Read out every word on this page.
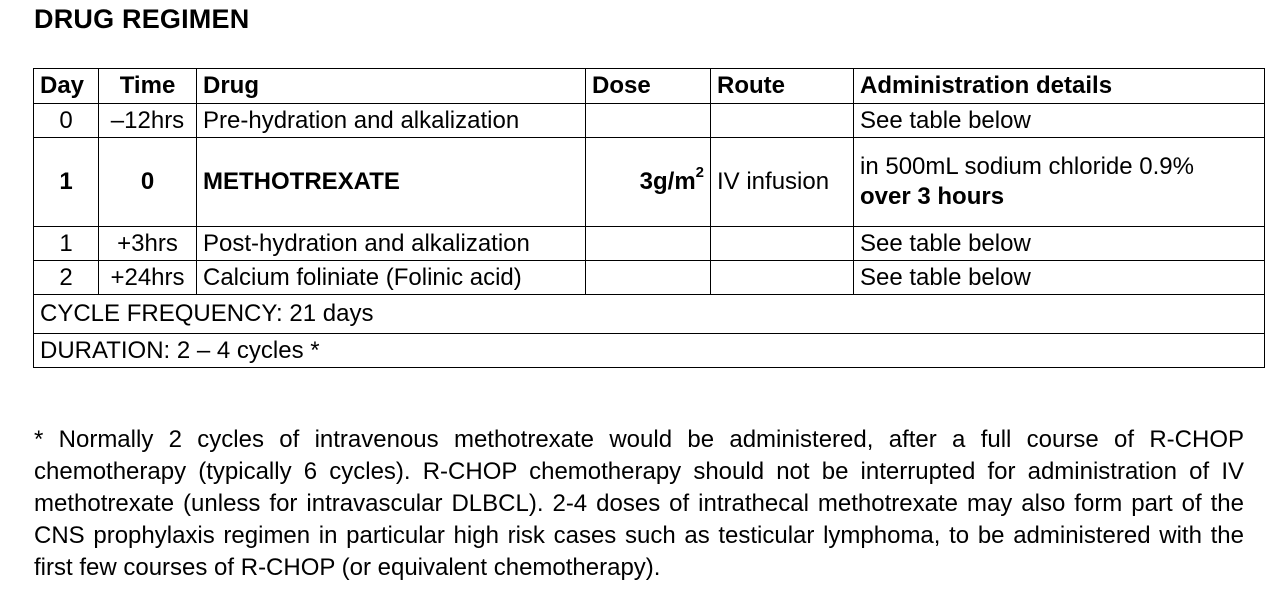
DRUG REGIMEN
Day	Time	Drug	Dose	Route	Administration details
0	–12hrs	Pre-hydration and alkalization			See table below
1	0	METHOTREXATE	$3g/m^2$	IV infusion	in 500mL sodium chloride 0.9%
over 3 hours

1	+3hrs	Post-hydration and alkalization			See table below
2	+24hrs	Calcium foliniate (Folinic acid)			See table below
CYCLE FREQUENCY: 21 days					
DURATION: 2 – 4 cycles *					

* Normally 2 cycles of intravenous methotrexate would be administered, after a full course of R-CHOP chemotherapy (typically 6 cycles). R-CHOP chemotherapy should not be interrupted for administration of IV methotrexate (unless for intravascular DLBCL). 2-4 doses of intrathecal methotrexate may also form part of the CNS prophylaxis regimen in particular high risk cases such as testicular lymphoma, to be administered with the first few courses of R-CHOP (or equivalent chemotherapy).
